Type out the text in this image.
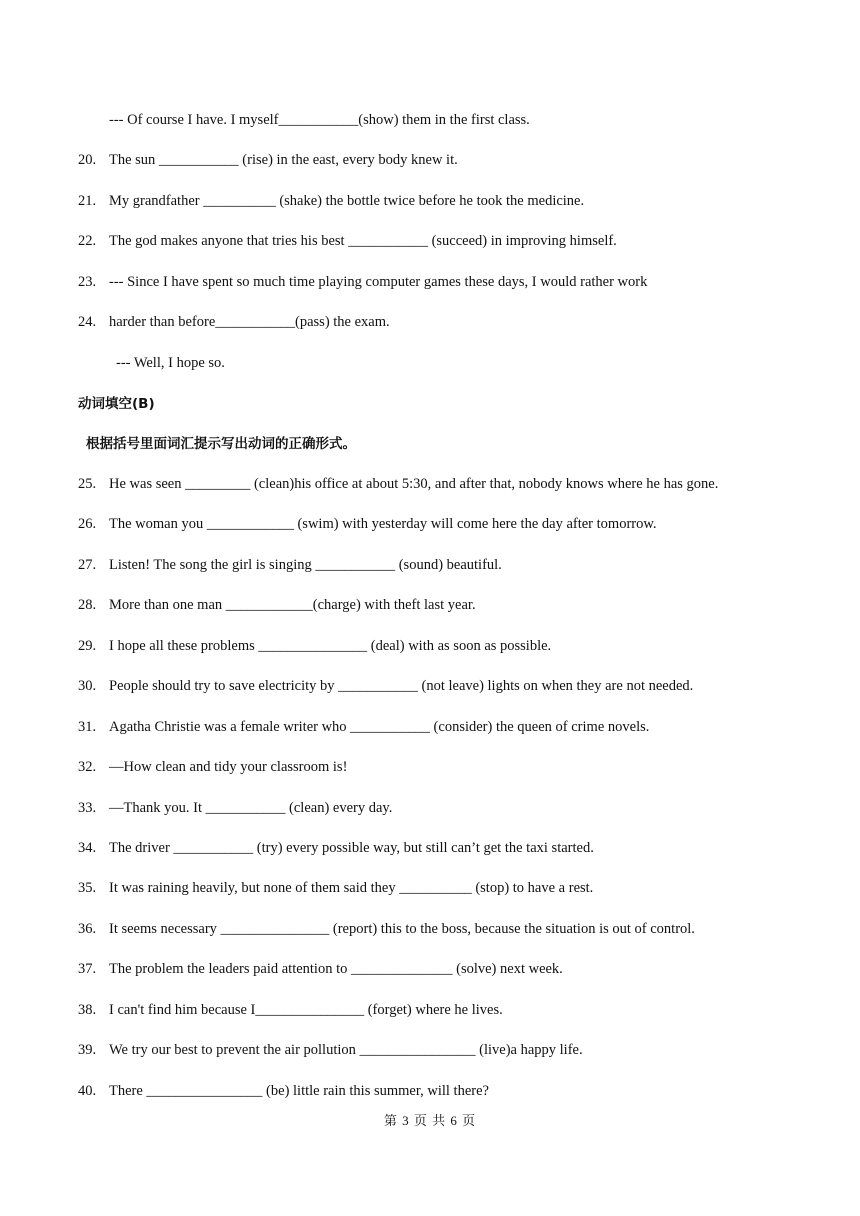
--- Of course I have. I myself___________(show) them in the first class.
20. The sun ___________ (rise) in the east, every body knew it.
21. My grandfather __________ (shake) the bottle twice before he took the medicine.
22. The god makes anyone that tries his best ___________ (succeed) in improving himself.
23. --- Since I have spent so much time playing computer games these days, I would rather work
24. harder than before___________(pass) the exam.
--- Well, I hope so.
动词填空(B)
根据括号里面词汇提示写出动词的正确形式。
25. He was seen _________ (clean)his office at about 5:30, and after that, nobody knows where he has gone.
26. The woman you ____________ (swim) with yesterday will come here the day after tomorrow.
27. Listen! The song the girl is singing ___________ (sound) beautiful.
28. More than one man ____________(charge) with theft last year.
29. I hope all these problems _______________ (deal) with as soon as possible.
30. People should try to save electricity by ___________ (not leave) lights on when they are not needed.
31. Agatha Christie was a female writer who ___________ (consider) the queen of crime novels.
32. —How clean and tidy your classroom is!
33. —Thank you. It ___________ (clean) every day.
34. The driver ___________ (try) every possible way, but still can’t get the taxi started.
35. It was raining heavily, but none of them said they __________ (stop) to have a rest.
36. It seems necessary _______________ (report) this to the boss, because the situation is out of control.
37. The problem the leaders paid attention to ______________ (solve) next week.
38. I can't find him because I_______________ (forget) where he lives.
39. We try our best to prevent the air pollution ________________ (live)a happy life.
40. There ________________ (be) little rain this summer, will there?
第 3 页 共 6 页
